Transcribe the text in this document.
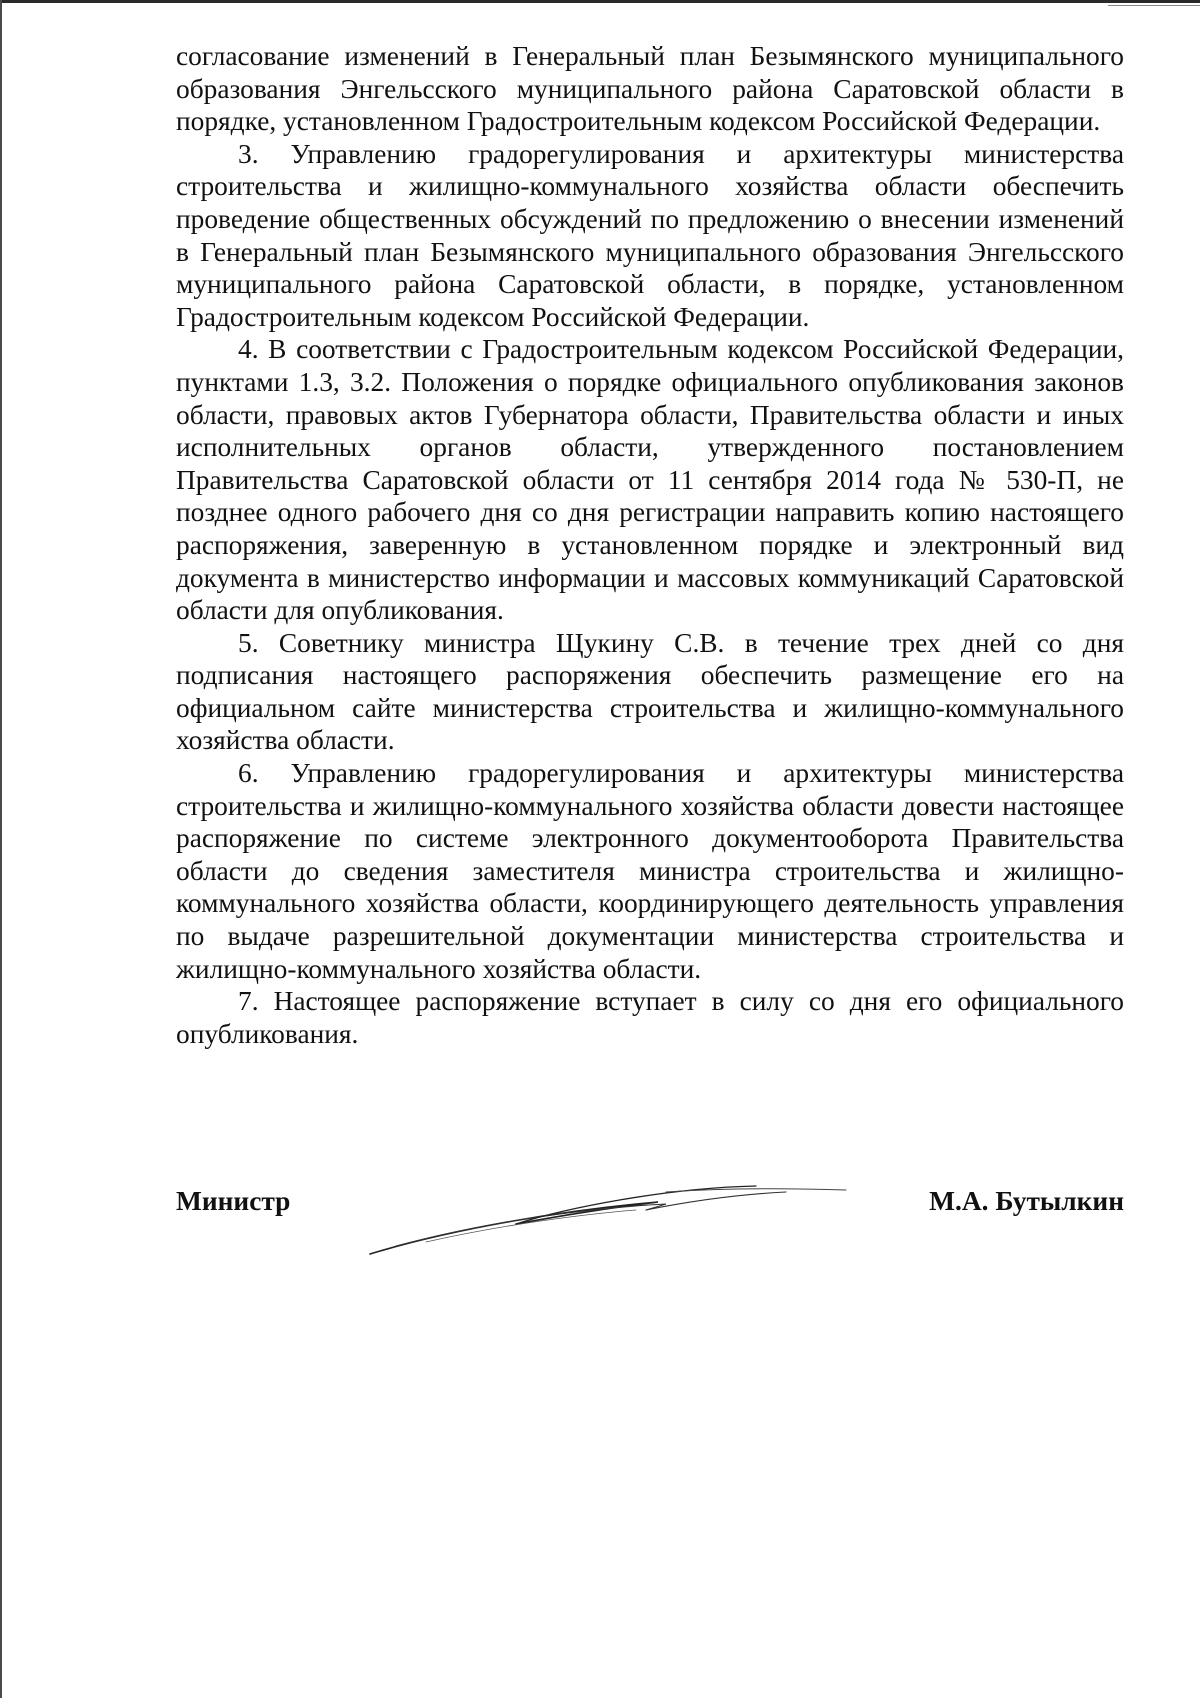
согласование изменений в Генеральный план Безымянского муниципального образования Энгельсского муниципального района Саратовской области в порядке, установленном Градостроительным кодексом Российской Федерации.

3. Управлению градорегулирования и архитектуры министерства строительства и жилищно-коммунального хозяйства области обеспечить проведение общественных обсуждений по предложению о внесении изменений в Генеральный план Безымянского муниципального образования Энгельсского муниципального района Саратовской области, в порядке, установленном Градостроительным кодексом Российской Федерации.

4. В соответствии с Градостроительным кодексом Российской Федерации, пунктами 1.3, 3.2. Положения о порядке официального опубликования законов области, правовых актов Губернатора области, Правительства области и иных исполнительных органов области, утвержденного постановлением Правительства Саратовской области от 11 сентября 2014 года № 530-П, не позднее одного рабочего дня со дня регистрации направить копию настоящего распоряжения, заверенную в установленном порядке и электронный вид документа в министерство информации и массовых коммуникаций Саратовской области для опубликования.

5. Советнику министра Щукину С.В. в течение трех дней со дня подписания настоящего распоряжения обеспечить размещение его на официальном сайте министерства строительства и жилищно-коммунального хозяйства области.

6. Управлению градорегулирования и архитектуры министерства строительства и жилищно-коммунального хозяйства области довести настоящее распоряжение по системе электронного документооборота Правительства области до сведения заместителя министра строительства и жилищно-коммунального хозяйства области, координирующего деятельность управления по выдаче разрешительной документации министерства строительства и жилищно-коммунального хозяйства области.

7. Настоящее распоряжение вступает в силу со дня его официального опубликования.

Министр	М.А. Бутылкин
